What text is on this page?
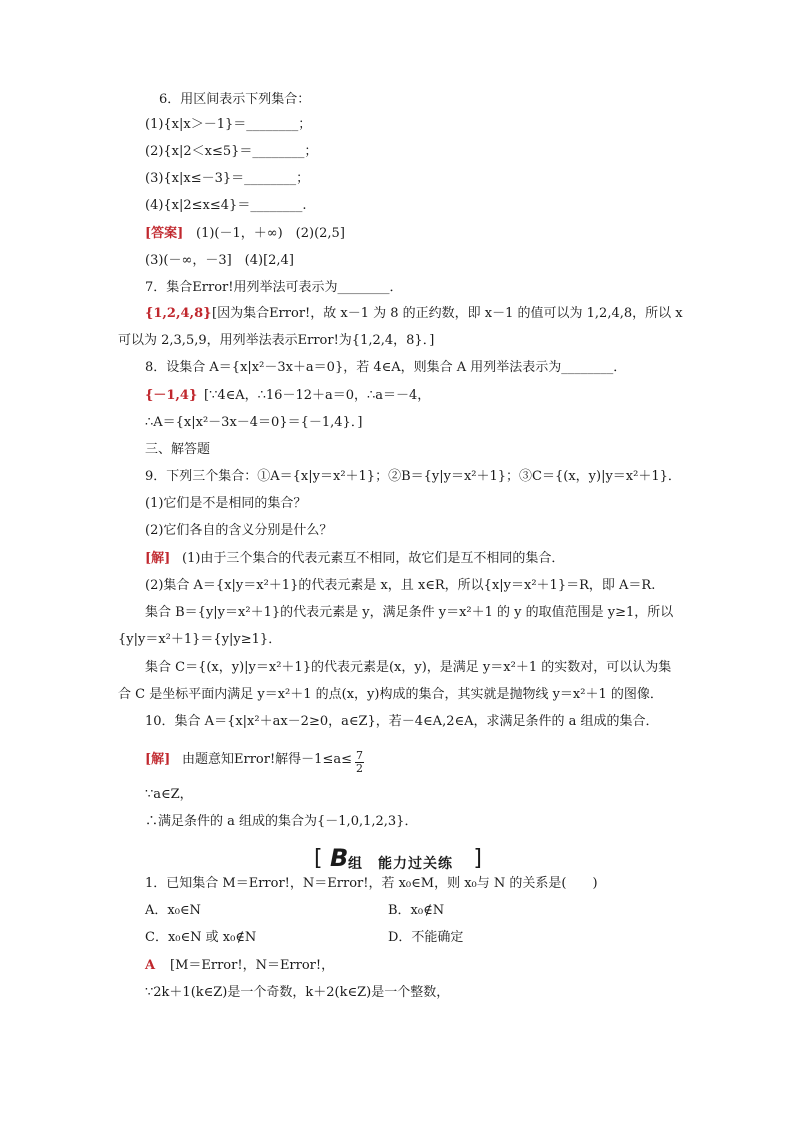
6．用区间表示下列集合：
(1){x|x＞－1}＝________；
(2){x|2＜x≤5}＝________；
(3){x|x≤－3}＝________；
(4){x|2≤x≤4}＝________.
(1)(－1，＋∞)　(2)(2,5]
(3)(－∞，－3]　(4)[2,4]
7．集合Error!用列举法可表示为________．
[因为集合Error!，故 x－1 为 8 的正约数，即 x－1 的值可以为 1,2,4,8，所以 x
可以为 2,3,5,9，用列举法表示Error!为{1,2,4，8}．]
8．设集合 A＝{x|x²－3x＋a＝0}，若 4∈A，则集合 A 用列举法表示为________．
[∵4∈A，∴16－12＋a＝0，∴a＝－4，
∴A＝{x|x²－3x－4＝0}＝{－1,4}．]
三、解答题
9．下列三个集合：①A＝{x|y＝x²＋1}；②B＝{y|y＝x²＋1}；③C＝{(x，y)|y＝x²＋1}．
(1)它们是不是相同的集合？
(2)它们各自的含义分别是什么？
(1)由于三个集合的代表元素互不相同，故它们是互不相同的集合．
(2)集合 A＝{x|y＝x²＋1}的代表元素是 x，且 x∈R，所以{x|y＝x²＋1}＝R，即 A＝R.
集合 B＝{y|y＝x²＋1}的代表元素是 y，满足条件 y＝x²＋1 的 y 的取值范围是 y≥1，所以
{y|y＝x²＋1}＝{y|y≥1}．
集合 C＝{(x，y)|y＝x²＋1}的代表元素是(x，y)，是满足 y＝x²＋1 的实数对，可以认为集
合 C 是坐标平面内满足 y＝x²＋1 的点(x，y)构成的集合，其实就是抛物线 y＝x²＋1 的图像．
10．集合 A＝{x|x²＋ax－2≥0，a∈Z}，若－4∈A,2∈A，求满足条件的 a 组成的集合．
由题意知Error!解得－1≤a≤
∵a∈Z，
∴满足条件的 a 组成的集合为{－1,0,1,2,3}．
1．已知集合 M＝Error!，N＝Error!，若 x₀∈M，则 x₀与 N 的关系是(　　)
A．x₀∈N	B．x₀∉N
C．x₀∈N 或 x₀∉N	D．不能确定
[M＝Error!，N＝Error!，
∵2k＋1(k∈Z)是一个奇数，k＋2(k∈Z)是一个整数，
[答案]
{1,2,4,8}
{－1,4}
[解]
[解]
A
[ B 组　能力过关练 ]
$\frac{7}{2}$
